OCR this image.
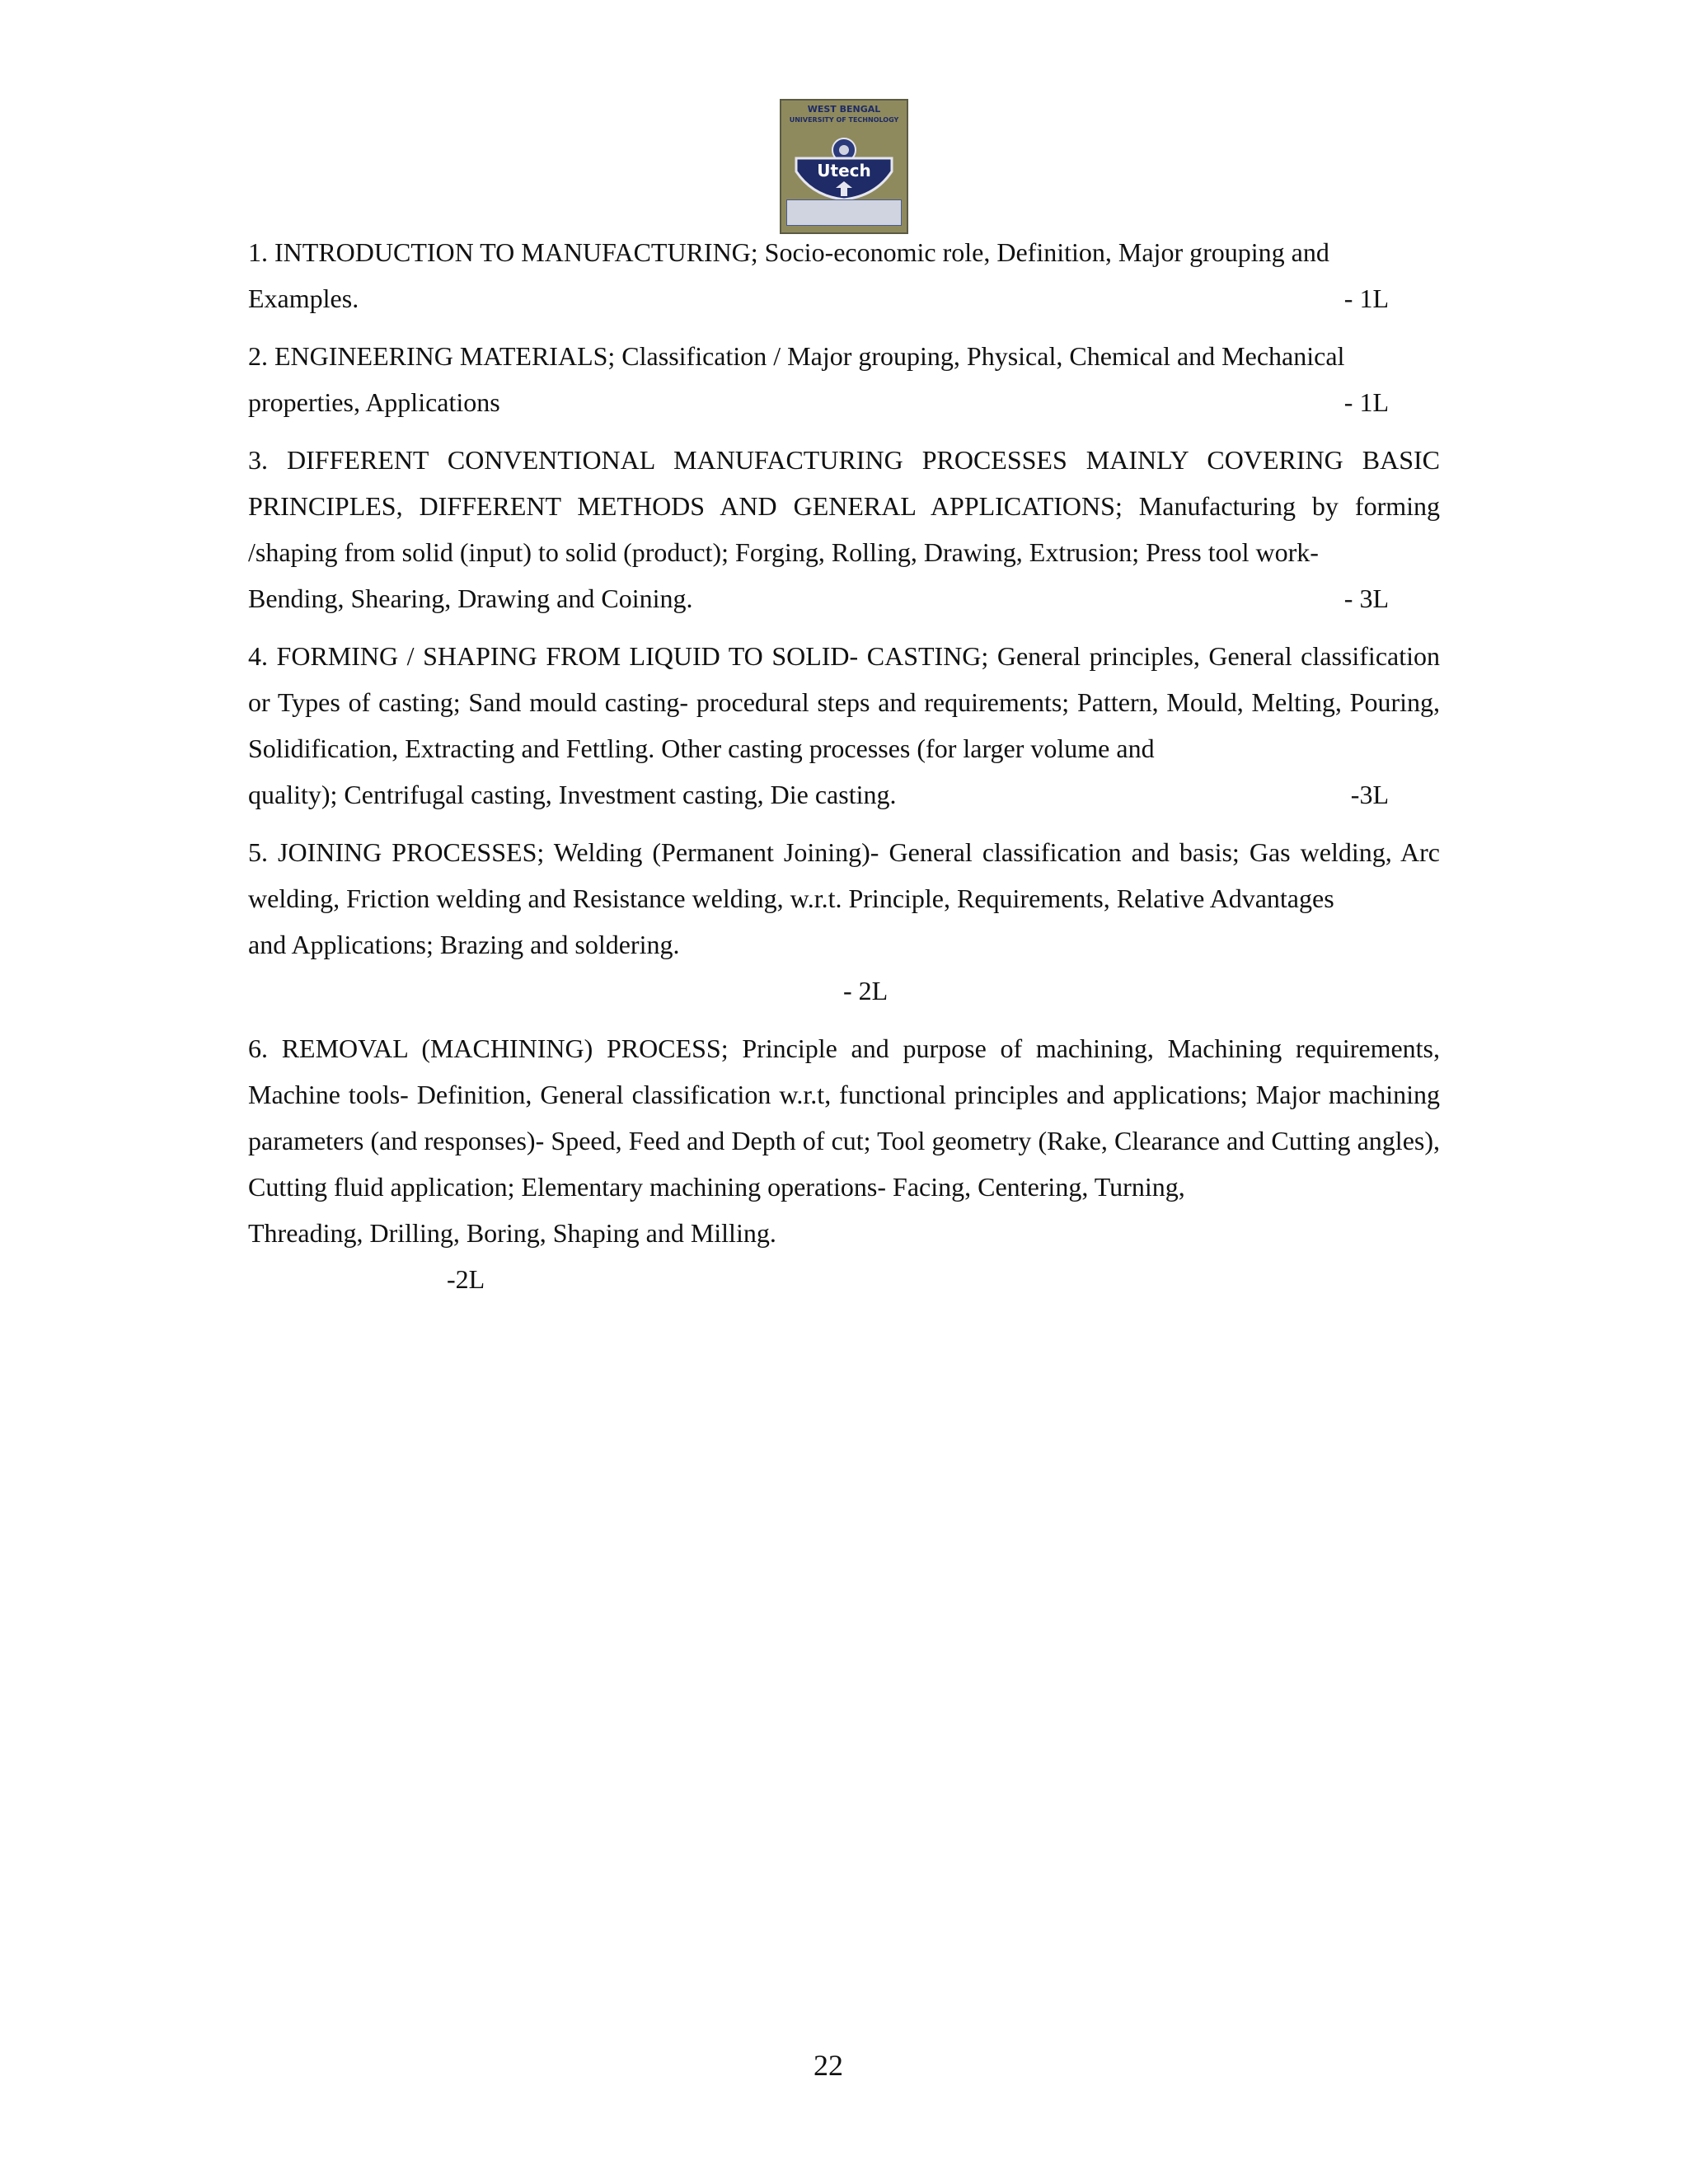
WEST BENGAL
UNIVERSITY OF TECHNOLOGY
Utech
1. INTRODUCTION TO MANUFACTURING; Socio-economic role, Definition, Major grouping and
Examples.	- 1L
2. ENGINEERING MATERIALS; Classification / Major grouping, Physical, Chemical and Mechanical
properties, Applications	- 1L
3. DIFFERENT CONVENTIONAL MANUFACTURING PROCESSES MAINLY COVERING BASIC PRINCIPLES, DIFFERENT METHODS AND GENERAL APPLICATIONS; Manufacturing by forming /shaping from solid (input) to solid (product); Forging, Rolling, Drawing, Extrusion; Press tool work-
Bending, Shearing, Drawing and Coining.	- 3L
4. FORMING / SHAPING FROM LIQUID TO SOLID- CASTING; General principles, General classification or Types of casting; Sand mould casting- procedural steps and requirements; Pattern, Mould, Melting, Pouring, Solidification, Extracting and Fettling. Other casting processes (for larger volume and
quality); Centrifugal casting, Investment casting, Die casting.	-3L
5. JOINING PROCESSES; Welding (Permanent Joining)- General classification and basis; Gas welding, Arc welding, Friction welding and Resistance welding, w.r.t. Principle, Requirements, Relative Advantages
and Applications; Brazing and soldering.
- 2L
6. REMOVAL (MACHINING) PROCESS; Principle and purpose of machining, Machining requirements, Machine tools- Definition, General classification w.r.t, functional principles and applications; Major machining parameters (and responses)- Speed, Feed and Depth of cut; Tool geometry (Rake, Clearance and Cutting angles), Cutting fluid application; Elementary machining operations- Facing, Centering, Turning,
Threading, Drilling, Boring, Shaping and Milling.
-2L
22
